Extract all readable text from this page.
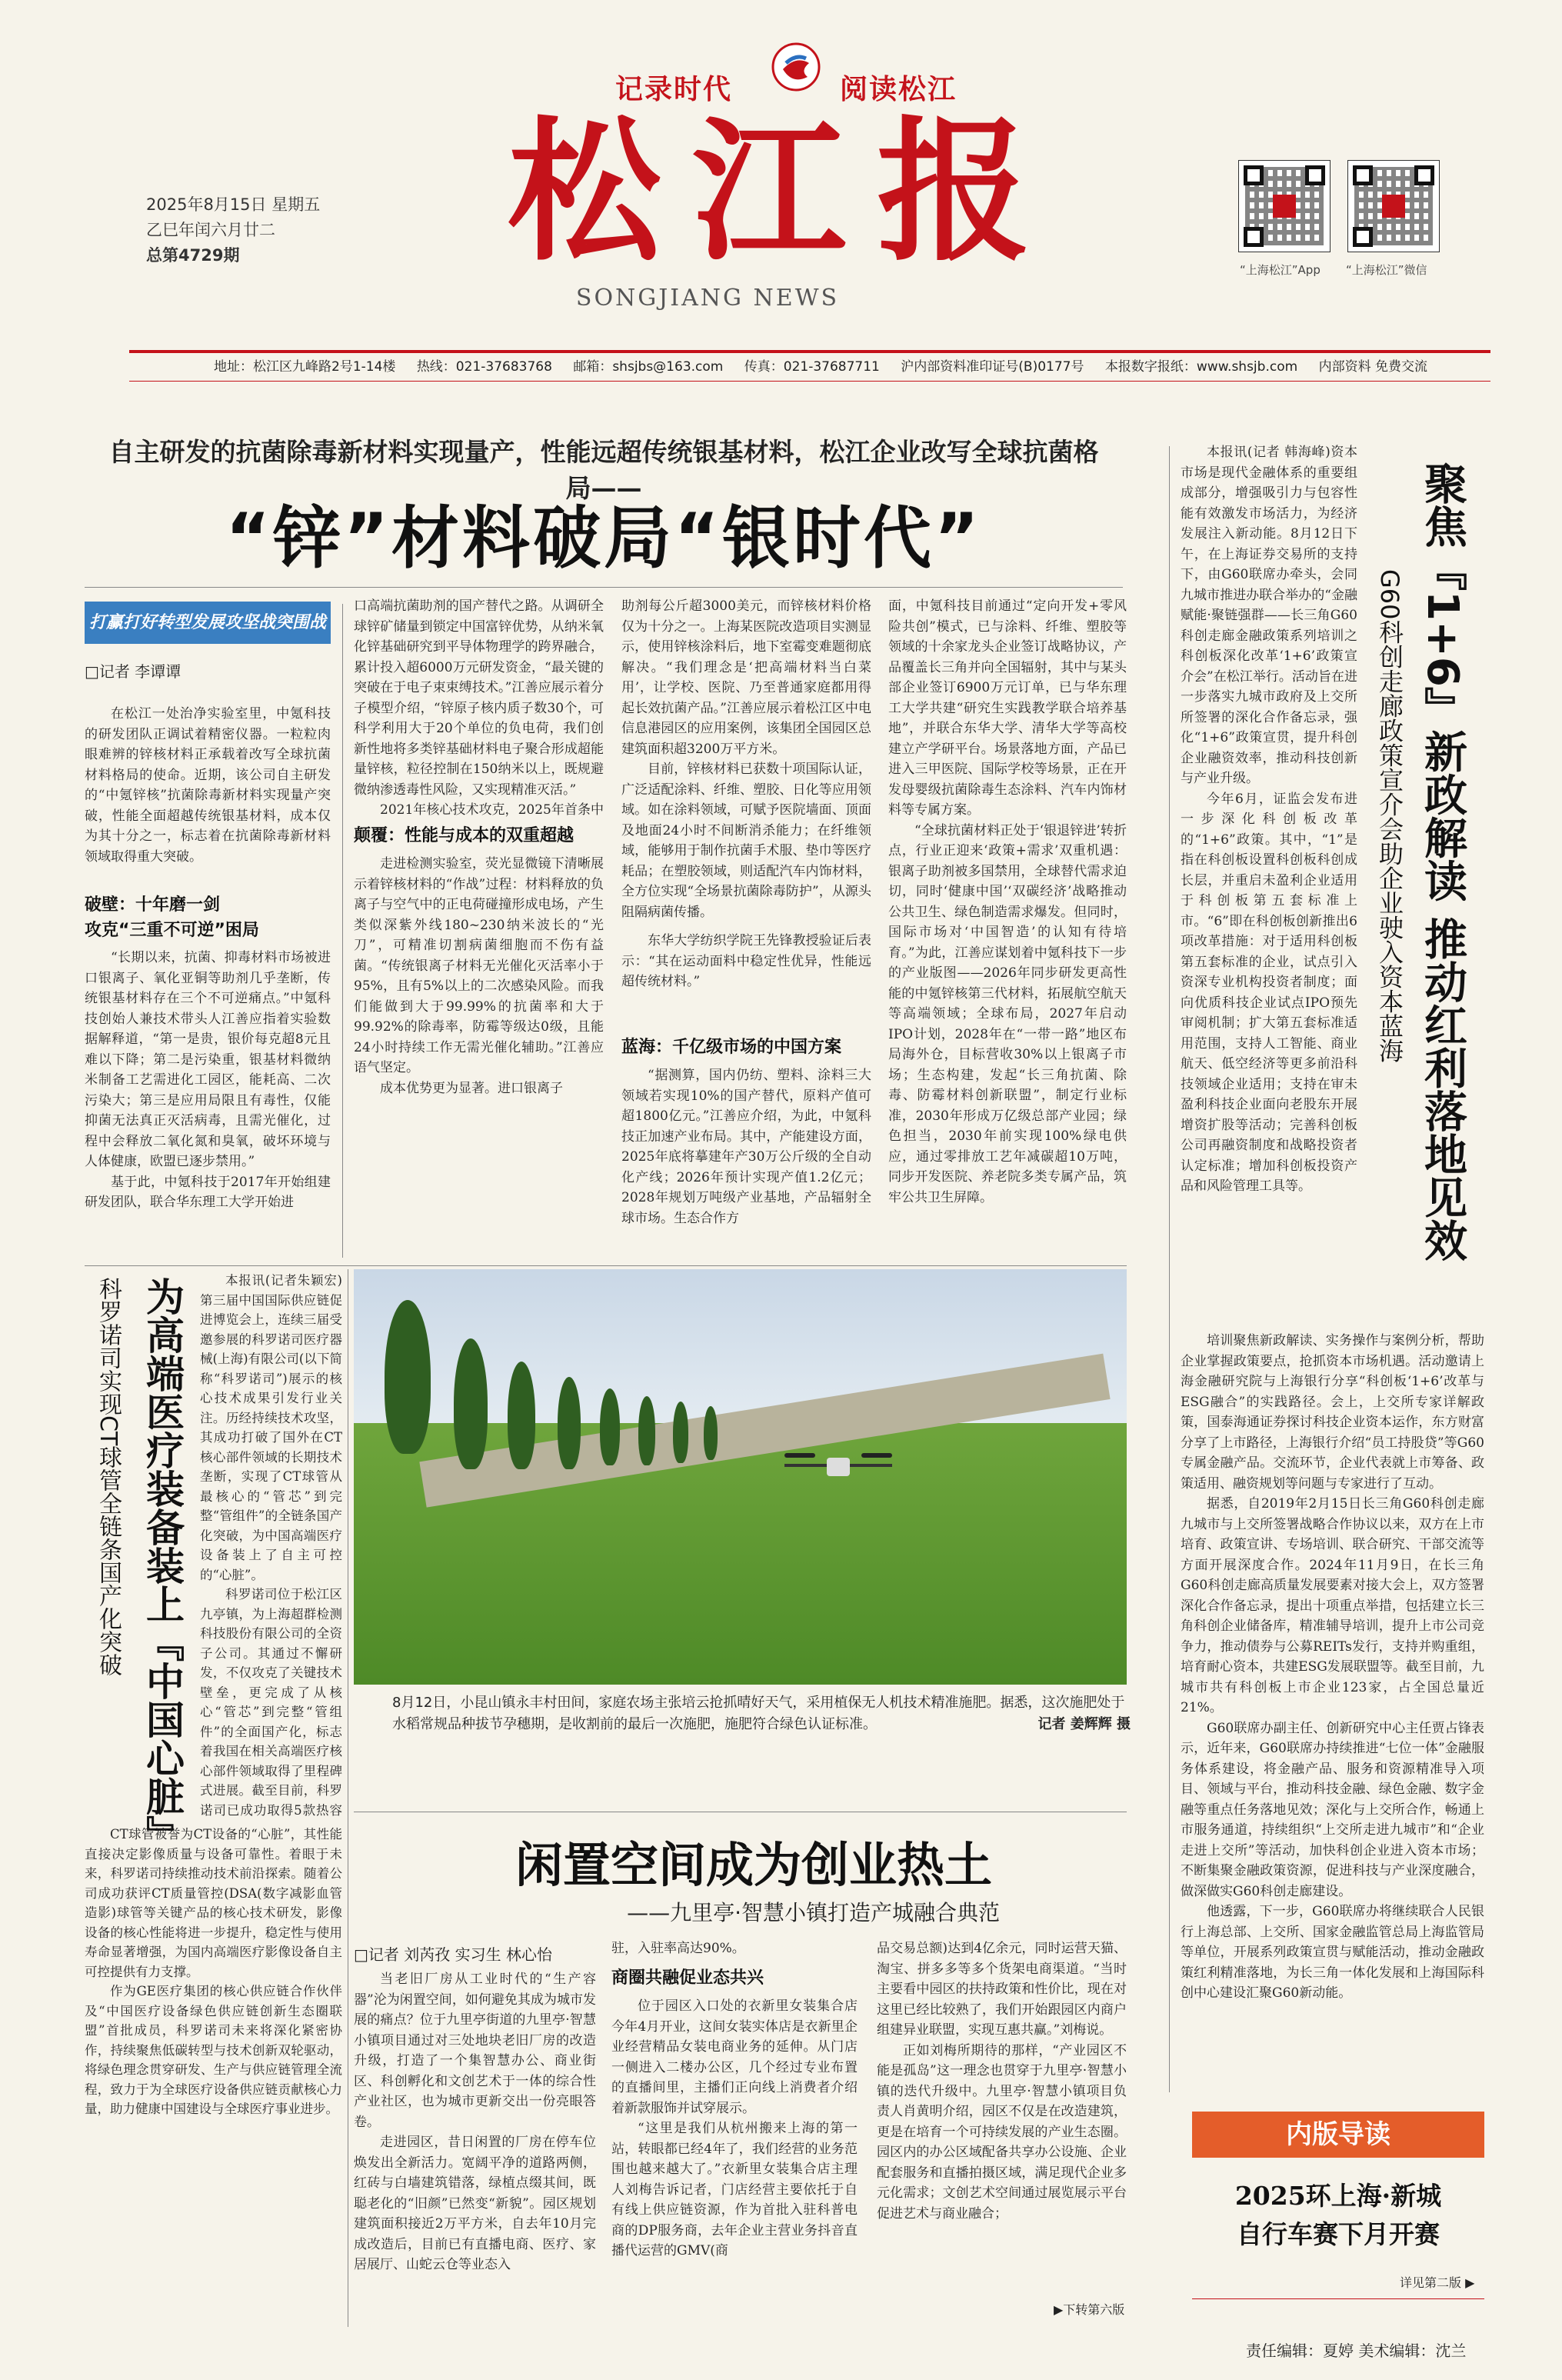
记录时代	阅读松江
松江报
SONGJIANG NEWS
2025年8月15日 星期五
乙巳年闰六月廿二
总第4729期
“上海松江”App “上海松江”微信
地址：松江区九峰路2号1-14楼 热线：021-37683768 邮箱：shsjbs@163.com 传真：021-37687711 沪内部资料准印证号(B)0177号 本报数字报纸：www.shsjb.com 内部资料 免费交流
自主研发的抗菌除毒新材料实现量产，性能远超传统银基材料，松江企业改写全球抗菌格局——
“锌”材料破局“银时代”
打赢打好转型发展攻坚战突围战
□记者 李谭谭

在松江一处治净实验室里，中氪科技的研发团队正调试着精密仪器。一粒粒肉眼难辨的锌核材料正承载着改写全球抗菌材料格局的使命。近期，该公司自主研发的“中氪锌核”抗菌除毒新材料实现量产突破，性能全面超越传统银基材料，成本仅为其十分之一，标志着在抗菌除毒新材料领域取得重大突破。

破壁：十年磨一剑
攻克“三重不可逆”困局

“长期以来，抗菌、抑毒材料市场被进口银离子、氧化亚铜等助剂几乎垄断，传统银基材料存在三个不可逆痛点。”中氪科技创始人兼技术带头人江善应指着实验数据解释道，“第一是贵，银价每克超8元且难以下降；第二是污染重，银基材料微纳米制备工艺需进化工园区，能耗高、二次污染大；第三是应用局限且有毒性，仅能抑菌无法真正灭活病毒，且需光催化，过程中会释放二氧化氮和臭氧，破坏环境与人体健康，欧盟已逐步禁用。”

基于此，中氪科技于2017年开始组建研发团队，联合华东理工大学开始进

口高端抗菌助剂的国产替代之路。从调研全球锌矿储量到锁定中国富锌优势，从纳米氧化锌基础研究到平导体物理学的跨界融合，累计投入超6000万元研发资金，“最关键的突破在于电子束束缚技术。”江善应展示着分子模型介绍，“锌原子核内质子数30个，可科学利用大于20个单位的负电荷，我们创新性地将多类锌基础材料电子聚合形成超能量锌核，粒径控制在150纳米以上，既规避微纳渗透毒性风险，又实现精准灭活。”

2021年核心技术攻克，2025年首条中

颠覆：性能与成本的双重超越

走进检测实验室，荧光显微镜下清晰展示着锌核材料的“作战”过程：材料释放的负离子与空气中的正电荷碰撞形成电场，产生类似深紫外线180~230纳米波长的“光刀”，可精准切割病菌细胞而不伤有益菌。“传统银离子材料无光催化灭活率小于95%，且有5%以上的二次感染风险。而我们能做到大于99.99%的抗菌率和大于99.92%的除毒率，防霉等级达0级，且能24小时持续工作无需光催化辅助。”江善应语气坚定。

成本优势更为显著。进口银离子

助剂每公斤超3000美元，而锌核材料价格仅为十分之一。上海某医院改造项目实测显示，使用锌核涂料后，地下室霉变难题彻底解决。“我们理念是‘把高端材料当白菜用’，让学校、医院、乃至普通家庭都用得起长效抗菌产品。”江善应展示着松江区中电信息港园区的应用案例，该集团全国园区总建筑面积超3200万平方米。

目前，锌核材料已获数十项国际认证，广泛适配涂料、纤维、塑胶、日化等应用领域。如在涂料领域，可赋予医院墙面、顶面及地面24小时不间断消杀能力；在纤维领域，能够用于制作抗菌手术服、垫巾等医疗耗品；在塑胶领域，则适配汽车内饰材料，全方位实现“全场景抗菌除毒防护”，从源头阻隔病菌传播。

东华大学纺织学院王先锋教授验证后表示：“其在运动面料中稳定性优异，性能远超传统材料。”

蓝海：千亿级市场的中国方案

“据测算，国内仍纺、塑料、涂料三大领域若实现10%的国产替代，原料产值可超1800亿元。”江善应介绍，为此，中氪科技正加速产业布局。其中，产能建设方面，2025年底将摹建年产30万公斤级的全自动化产线；2026年预计实现产值1.2亿元；2028年规划万吨级产业基地，产品辐射全球市场。生态合作方

面，中氪科技目前通过“定向开发+零风险共创”模式，已与涂料、纤维、塑胶等领域的十余家龙头企业签订战略协议，产品覆盖长三角并向全国辐射，其中与某头部企业签订6900万元订单，已与华东理工大学共建“研究生实践教学联合培养基地”，并联合东华大学、清华大学等高校建立产学研平台。场景落地方面，产品已进入三甲医院、国际学校等场景，正在开发母婴级抗菌除毒生态涂料、汽车内饰材料等专属方案。

“全球抗菌材料正处于‘银退锌进’转折点，行业正迎来‘政策+需求’双重机遇：银离子助剂被多国禁用，全球替代需求迫切，同时‘健康中国’‘双碳经济’战略推动公共卫生、绿色制造需求爆发。但同时，国际市场对‘中国智造’的认知有待培育。”为此，江善应谋划着中氪科技下一步的产业版图——2026年同步研发更高性能的中氪锌核第三代材料，拓展航空航天等高端领域；全球布局，2027年启动IPO计划，2028年在“一带一路”地区布局海外仓，目标营收30%以上银离子市场；生态构建，发起“长三角抗菌、除毒、防霉材料创新联盟”，制定行业标准，2030年形成万亿级总部产业园；绿色担当，2030年前实现100%绿电供应，通过零排放工艺年减碳超10万吨，同步开发医院、养老院多类专属产品，筑牢公共卫生屏障。

8月12日，小昆山镇永丰村田间，家庭农场主张培云抢抓晴好天气，采用植保无人机技术精准施肥。据悉，这次施肥处于水稻常规品种拔节孕穗期，是收割前的最后一次施肥，施肥符合绿色认证标准。	记者 姜辉辉 摄
为高端医疗装备装上『中国心脏』
科罗诺司实现CT球管全链条国产化突破	本报讯(记者朱颖宏)第三届中国国际供应链促进博览会上，连续三届受邀参展的科罗诺司医疗器械(上海)有限公司(以下简称“科罗诺司”)展示的核心技术成果引发行业关注。历经持续技术攻坚，其成功打破了国外在CT核心部件领域的长期技术垄断，实现了CT球管从最核心的“管芯”到完整“管组件”的全链条国产化突破，为中国高端医疗设备装上了自主可控的“心脏”。

科罗诺司位于松江区九亭镇，为上海超群检测科技股份有限公司的全资子公司。其通过不懈研发，不仅攻克了关键技术壁垒，更完成了从核心“管芯”到完整“管组件”的全面国产化，标志着我国在相关高端医疗核心部件领域取得了里程碑式进展。截至目前，科罗诺司已成功取得5款热容

CT球管被誉为CT设备的“心脏”，其性能直接决定影像质量与设备可靠性。着眼于未来，科罗诺司持续推动技术前沿探索。随着公司成功获评CT质量管控(DSA(数字减影血管造影)球管等关键产品的核心技术研发，影像设备的核心性能将进一步提升，稳定性与使用寿命显著增强，为国内高端医疗影像设备自主可控提供有力支撑。

作为GE医疗集团的核心供应链合作伙伴及“中国医疗设备绿色供应链创新生态圈联盟”首批成员，科罗诺司未来将深化紧密协作，持续聚焦低碳转型与技术创新双轮驱动，将绿色理念贯穿研发、生产与供应链管理全流程，致力于为全球医疗设备供应链贡献核心力量，助力健康中国建设与全球医疗事业进步。

闲置空间成为创业热土
——九里亭·智慧小镇打造产城融合典范
□记者 刘芮孜 实习生 林心怡

当老旧厂房从工业时代的“生产容器”沦为闲置空间，如何避免其成为城市发展的痛点？位于九里亭街道的九里亭·智慧小镇项目通过对三处地块老旧厂房的改造升级，打造了一个集智慧办公、商业街区、科创孵化和文创艺术于一体的综合性产业社区，也为城市更新交出一份亮眼答卷。

走进园区，昔日闲置的厂房在停车位焕发出全新活力。宽阔平净的道路两侧，红砖与白墙建筑错落，绿植点缀其间，既聪老化的“旧颜”已然变“新貌”。园区规划建筑面积接近2万平方米，自去年10月完成改造后，目前已有直播电商、医疗、家居展厅、山蛇云仓等业态入

驻，入驻率高达90%。

商圈共融促业态共兴

位于园区入口处的衣新里女装集合店今年4月开业，这间女装实体店是衣新里企业经营精品女装电商业务的延伸。从门店一侧进入二楼办公区，几个经过专业布置的直播间里，主播们正向线上消费者介绍着新款服饰并试穿展示。

“这里是我们从杭州搬来上海的第一站，转眼都已经4年了，我们经营的业务范围也越来越大了。”衣新里女装集合店主理人刘梅告诉记者，门店经营主要依托于自有线上供应链资源，作为首批入驻科普电商的DP服务商，去年企业主营业务抖音直播代运营的GMV(商

品交易总额)达到4亿余元，同时运营天猫、淘宝、拼多多等多个货架电商渠道。“当时主要看中园区的扶持政策和性价比，现在对这里已经比较熟了，我们开始跟园区内商户组建异业联盟，实现互惠共赢。”刘梅说。

正如刘梅所期待的那样，“产业园区不能是孤岛”这一理念也贯穿于九里亭·智慧小镇的迭代升级中。九里亭·智慧小镇项目负责人肖黄明介绍，园区不仅是在改造建筑，更是在培育一个可持续发展的产业生态圈。园区内的办公区域配备共享办公设施、企业配套服务和直播拍摄区域，满足现代企业多元化需求；文创艺术空间通过展览展示平台促进艺术与商业融合；

▶下转第六版

本报讯(记者 韩海峰)资本市场是现代金融体系的重要组成部分，增强吸引力与包容性能有效激发市场活力，为经济发展注入新动能。8月12日下午，在上海证券交易所的支持下，由G60联席办牵头，会同九城市推进办联合举办的“金融赋能·聚链强群——长三角G60科创走廊金融政策系列培训之科创板深化改革‘1+6’政策宣介会”在松江举行。活动旨在进一步落实九城市政府及上交所所签署的深化合作备忘录，强化“1+6”政策宣贯，提升科创企业融资效率，推动科技创新与产业升级。

今年6月，证监会发布进一步深化科创板改革的“1+6”政策。其中，“1”是指在科创板设置科创板科创成长层，并重启未盈利企业适用于科创板第五套标准上市。“6”即在科创板创新推出6项改革措施：对于适用科创板第五套标准的企业，试点引入资深专业机构投资者制度；面向优质科技企业试点IPO预先审阅机制；扩大第五套标准适用范围，支持人工智能、商业航天、低空经济等更多前沿科技领域企业适用；支持在审未盈利科技企业面向老股东开展增资扩股等活动；完善科创板公司再融资制度和战略投资者认定标准；增加科创板投资产品和风险管理工具等。	聚焦『1+6』新政解读 推动红利落地见效
G60科创走廊政策宣介会助企业驶入资本蓝海

培训聚焦新政解读、实务操作与案例分析，帮助企业掌握政策要点，抢抓资本市场机遇。活动邀请上海金融研究院与上海银行分享“科创板‘1+6’改革与ESG融合”的实践路径。会上，上交所专家详解政策，国泰海通证券探讨科技企业资本运作，东方财富分享了上市路径，上海银行介绍“员工持股贷”等G60专属金融产品。交流环节，企业代表就上市筹备、政策适用、融资规划等问题与专家进行了互动。

据悉，自2019年2月15日长三角G60科创走廊九城市与上交所签署战略合作协议以来，双方在上市培育、政策宣讲、专场培训、联合研究、干部交流等方面开展深度合作。2024年11月9日，在长三角G60科创走廊高质量发展要素对接大会上，双方签署深化合作备忘录，提出十项重点举措，包括建立长三角科创企业储备库，精准辅导培训，提升上市公司竞争力，推动债券与公募REITs发行，支持并购重组，培育耐心资本，共建ESG发展联盟等。截至目前，九城市共有科创板上市企业123家，占全国总量近21%。

G60联席办副主任、创新研究中心主任贾占锋表示，近年来，G60联席办持续推进“七位一体”金融服务体系建设，将金融产品、服务和资源精准导入项目、领域与平台，推动科技金融、绿色金融、数字金融等重点任务落地见效；深化与上交所合作，畅通上市服务通道，持续组织“上交所走进九城市”和“企业走进上交所”等活动，加快科创企业进入资本市场；不断集聚金融政策资源，促进科技与产业深度融合，做深做实G60科创走廊建设。

他透露，下一步，G60联席办将继续联合人民银行上海总部、上交所、国家金融监管总局上海监管局等单位，开展系列政策宣贯与赋能活动，推动金融政策红利精准落地，为长三角一体化发展和上海国际科创中心建设汇聚G60新动能。

内版导读
2025环上海·新城
自行车赛下月开赛
详见第二版 ▶
责任编辑：夏婷 美术编辑：沈兰
